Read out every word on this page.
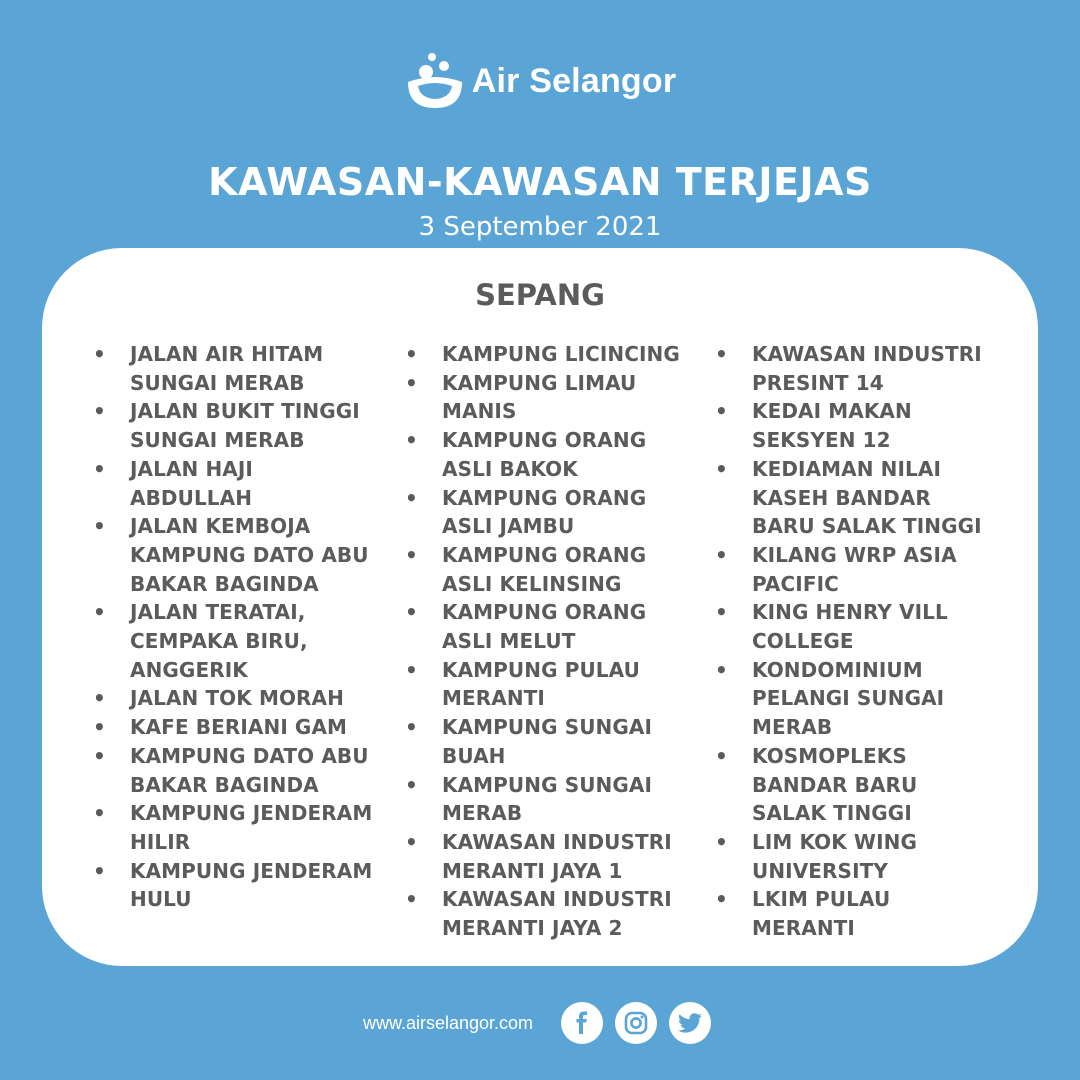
Air Selangor
KAWASAN-KAWASAN TERJEJAS
3 September 2021
SEPANG
• JALAN AIR HITAM SUNGAI MERAB
• JALAN BUKIT TINGGI SUNGAI MERAB
• JALAN HAJI ABDULLAH
• JALAN KEMBOJA KAMPUNG DATO ABU BAKAR BAGINDA
• JALAN TERATAI, CEMPAKA BIRU, ANGGERIK
• JALAN TOK MORAH
• KAFE BERIANI GAM
• KAMPUNG DATO ABU BAKAR BAGINDA
• KAMPUNG JENDERAM HILIR
• KAMPUNG JENDERAM HULU
• KAMPUNG LICINCING
• KAMPUNG LIMAU MANIS
• KAMPUNG ORANG ASLI BAKOK
• KAMPUNG ORANG ASLI JAMBU
• KAMPUNG ORANG ASLI KELINSING
• KAMPUNG ORANG ASLI MELUT
• KAMPUNG PULAU MERANTI
• KAMPUNG SUNGAI BUAH
• KAMPUNG SUNGAI MERAB
• KAWASAN INDUSTRI MERANTI JAYA 1
• KAWASAN INDUSTRI MERANTI JAYA 2
• KAWASAN INDUSTRI PRESINT 14
• KEDAI MAKAN SEKSYEN 12
• KEDIAMAN NILAI KASEH BANDAR BARU SALAK TINGGI
• KILANG WRP ASIA PACIFIC
• KING HENRY VILL COLLEGE
• KONDOMINIUM PELANGI SUNGAI MERAB
• KOSMOPLEKS BANDAR BARU SALAK TINGGI
• LIM KOK WING UNIVERSITY
• LKIM PULAU MERANTI
www.airselangor.com
